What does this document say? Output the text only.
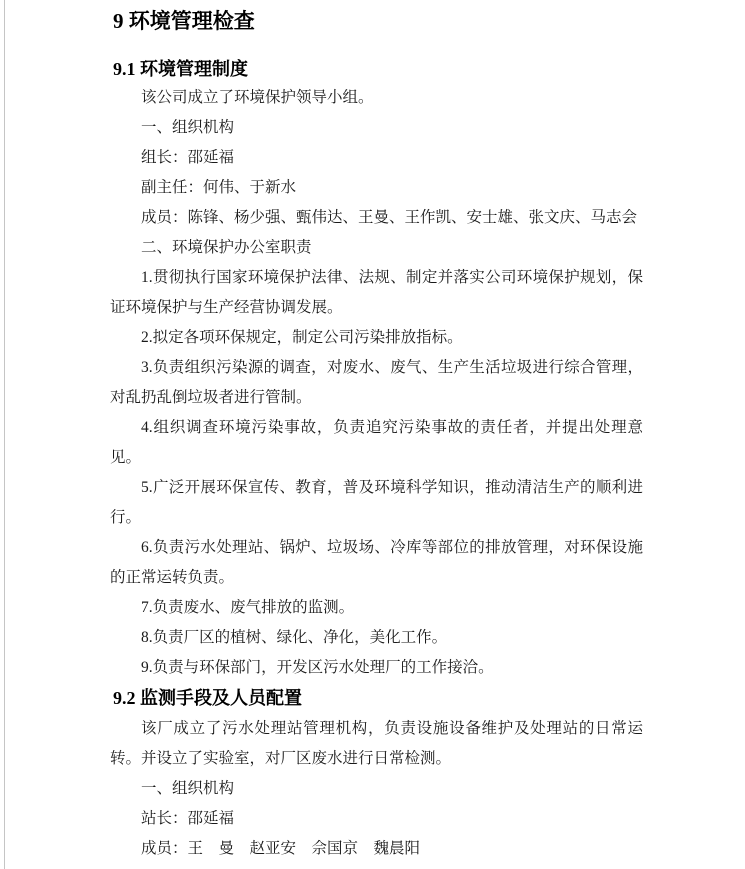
9 环境管理检查
9.1 环境管理制度

该公司成立了环境保护领导小组。

一、组织机构

组长：邵延福

副主任：何伟、于新水

成员：陈锋、杨少强、甄伟达、王曼、王作凯、安士雄、张文庆、马志会

二、环境保护办公室职责

1.贯彻执行国家环境保护法律、法规、制定并落实公司环境保护规划，保证环境保护与生产经营协调发展。

2.拟定各项环保规定，制定公司污染排放指标。

3.负责组织污染源的调查，对废水、废气、生产生活垃圾进行综合管理，对乱扔乱倒垃圾者进行管制。

4.组织调查环境污染事故，负责追究污染事故的责任者，并提出处理意见。

5.广泛开展环保宣传、教育，普及环境科学知识，推动清洁生产的顺利进行。

6.负责污水处理站、锅炉、垃圾场、冷库等部位的排放管理，对环保设施的正常运转负责。

7.负责废水、废气排放的监测。

8.负责厂区的植树、绿化、净化，美化工作。

9.负责与环保部门，开发区污水处理厂的工作接洽。

9.2 监测手段及人员配置

该厂成立了污水处理站管理机构，负责设施设备维护及处理站的日常运转。并设立了实验室，对厂区废水进行日常检测。

一、组织机构

站长：邵延福

成员：王　曼　赵亚安　佘国京　魏晨阳
